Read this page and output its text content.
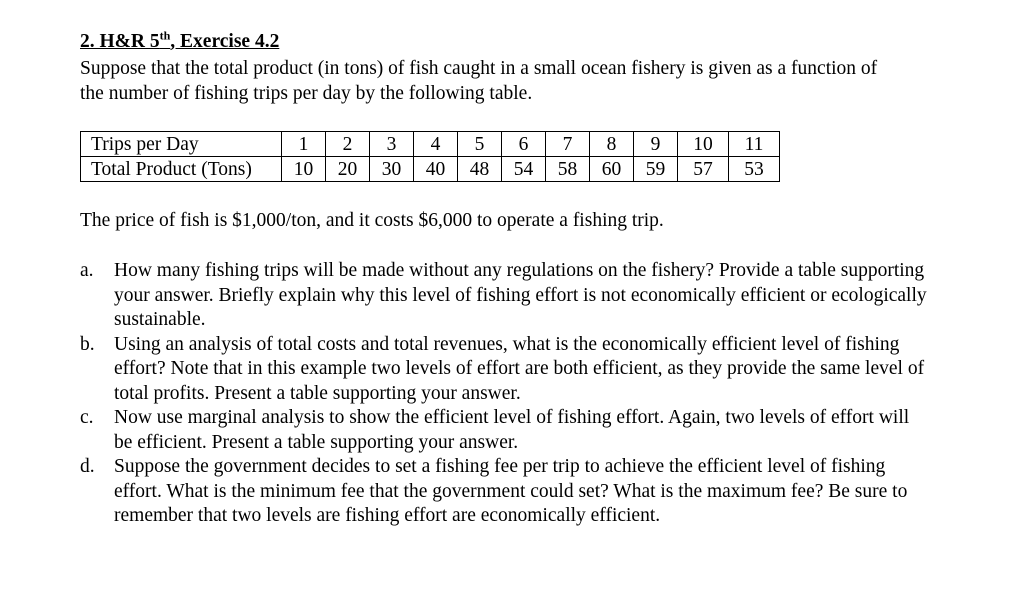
2. H&R 5th, Exercise 4.2

Suppose that the total product (in tons) of fish caught in a small ocean fishery is given as a function of the number of fishing trips per day by the following table.

Trips per Day	1	2	3	4	5	6	7	8	9	10	11
Total Product (Tons)	10	20	30	40	48	54	58	60	59	57	53

The price of fish is $1,000/ton, and it costs $6,000 to operate a fishing trip.

a. How many fishing trips will be made without any regulations on the fishery? Provide a table supporting your answer. Briefly explain why this level of fishing effort is not economically efficient or ecologically sustainable.
b. Using an analysis of total costs and total revenues, what is the economically efficient level of fishing effort? Note that in this example two levels of effort are both efficient, as they provide the same level of total profits. Present a table supporting your answer.
c. Now use marginal analysis to show the efficient level of fishing effort. Again, two levels of effort will be efficient. Present a table supporting your answer.
d. Suppose the government decides to set a fishing fee per trip to achieve the efficient level of fishing effort. What is the minimum fee that the government could set? What is the maximum fee? Be sure to remember that two levels are fishing effort are economically efficient.
